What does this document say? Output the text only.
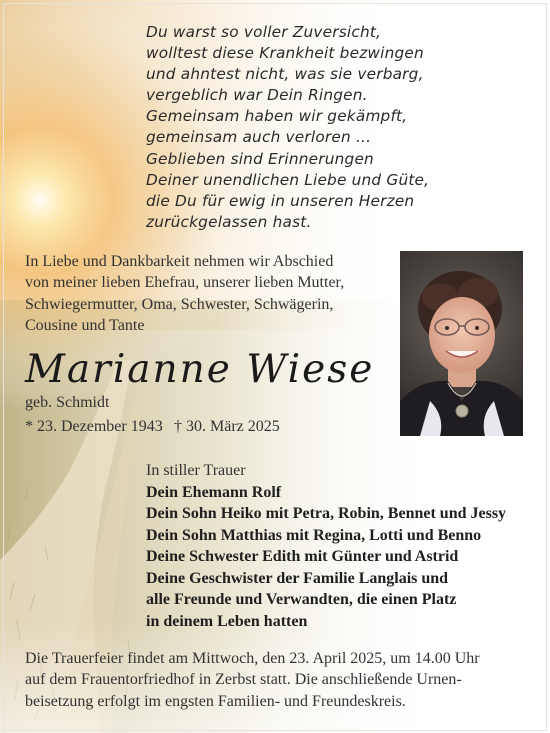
Du warst so voller Zuversicht,
wolltest diese Krankheit bezwingen
und ahntest nicht, was sie verbarg,
vergeblich war Dein Ringen.
Gemeinsam haben wir gekämpft,
gemeinsam auch verloren ...
Geblieben sind Erinnerungen
Deiner unendlichen Liebe und Güte,
die Du für ewig in unseren Herzen
zurückgelassen hast.
In Liebe und Dankbarkeit nehmen wir Abschied
von meiner lieben Ehefrau, unserer lieben Mutter,
Schwiegermutter, Oma, Schwester, Schwägerin,
Cousine und Tante
Marianne Wiese
geb. Schmidt
* 23. Dezember 1943 † 30. März 2025
In stiller Trauer
Dein Ehemann Rolf
Dein Sohn Heiko mit Petra, Robin, Bennet und Jessy
Dein Sohn Matthias mit Regina, Lotti und Benno
Deine Schwester Edith mit Günter und Astrid
Deine Geschwister der Familie Langlais und
alle Freunde und Verwandten, die einen Platz
in deinem Leben hatten
Die Trauerfeier findet am Mittwoch, den 23. April 2025, um 14.00 Uhr
auf dem Frauentorfriedhof in Zerbst statt. Die anschließende Urnen-
beisetzung erfolgt im engsten Familien- und Freundeskreis.
